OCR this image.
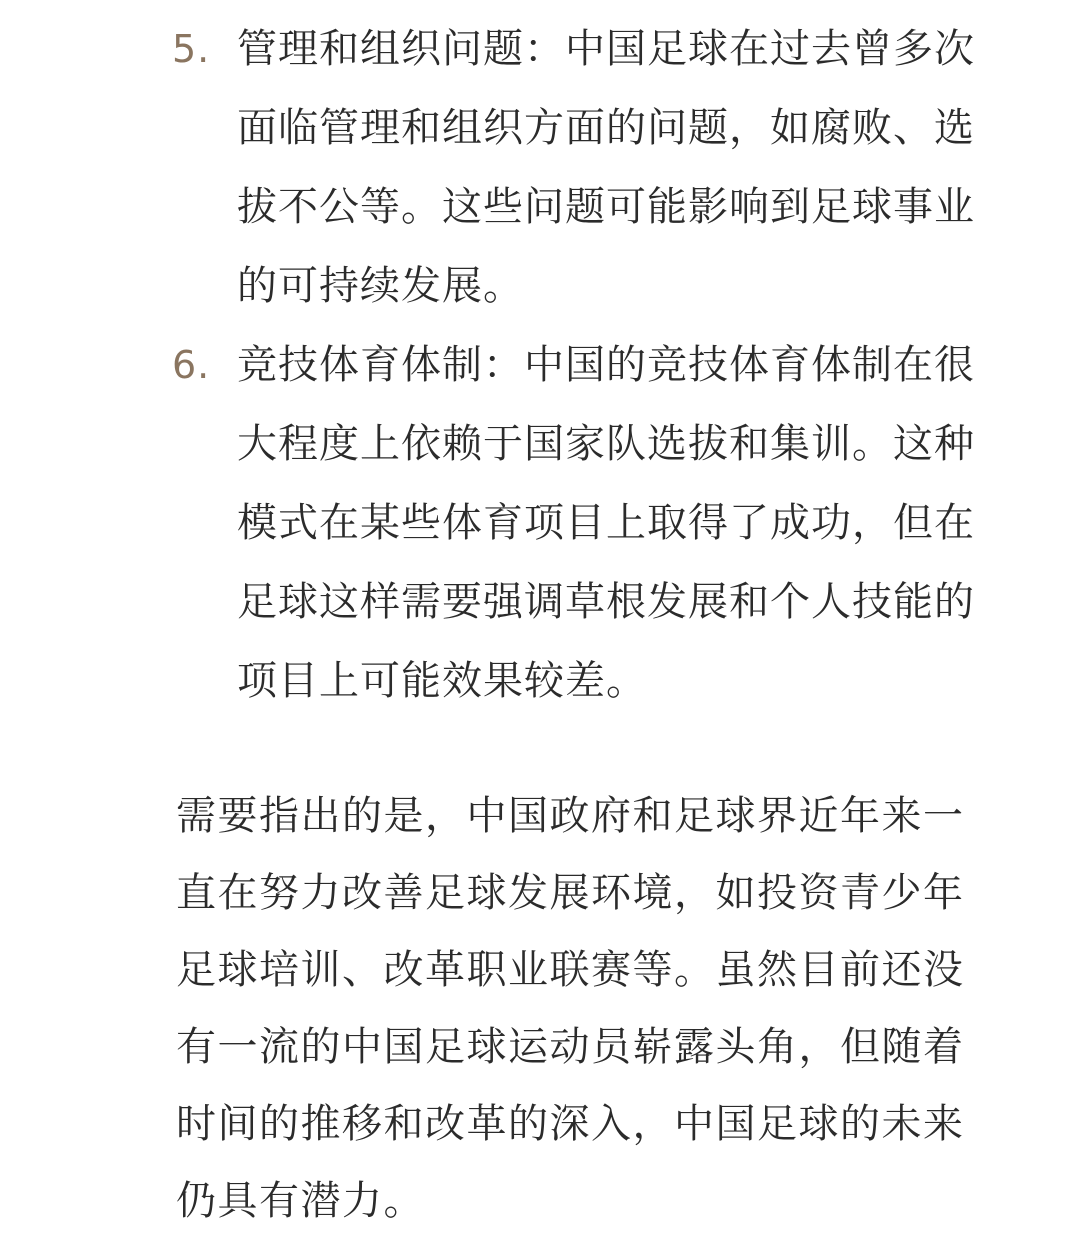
5. 管理和组织问题：中国足球在过去曾多次面临管理和组织方面的问题，如腐败、选拔不公等。这些问题可能影响到足球事业的可持续发展。
6. 竞技体育体制：中国的竞技体育体制在很大程度上依赖于国家队选拔和集训。这种模式在某些体育项目上取得了成功，但在足球这样需要强调草根发展和个人技能的项目上可能效果较差。

需要指出的是，中国政府和足球界近年来一直在努力改善足球发展环境，如投资青少年足球培训、改革职业联赛等。虽然目前还没有一流的中国足球运动员崭露头角，但随着时间的推移和改革的深入，中国足球的未来仍具有潜力。
